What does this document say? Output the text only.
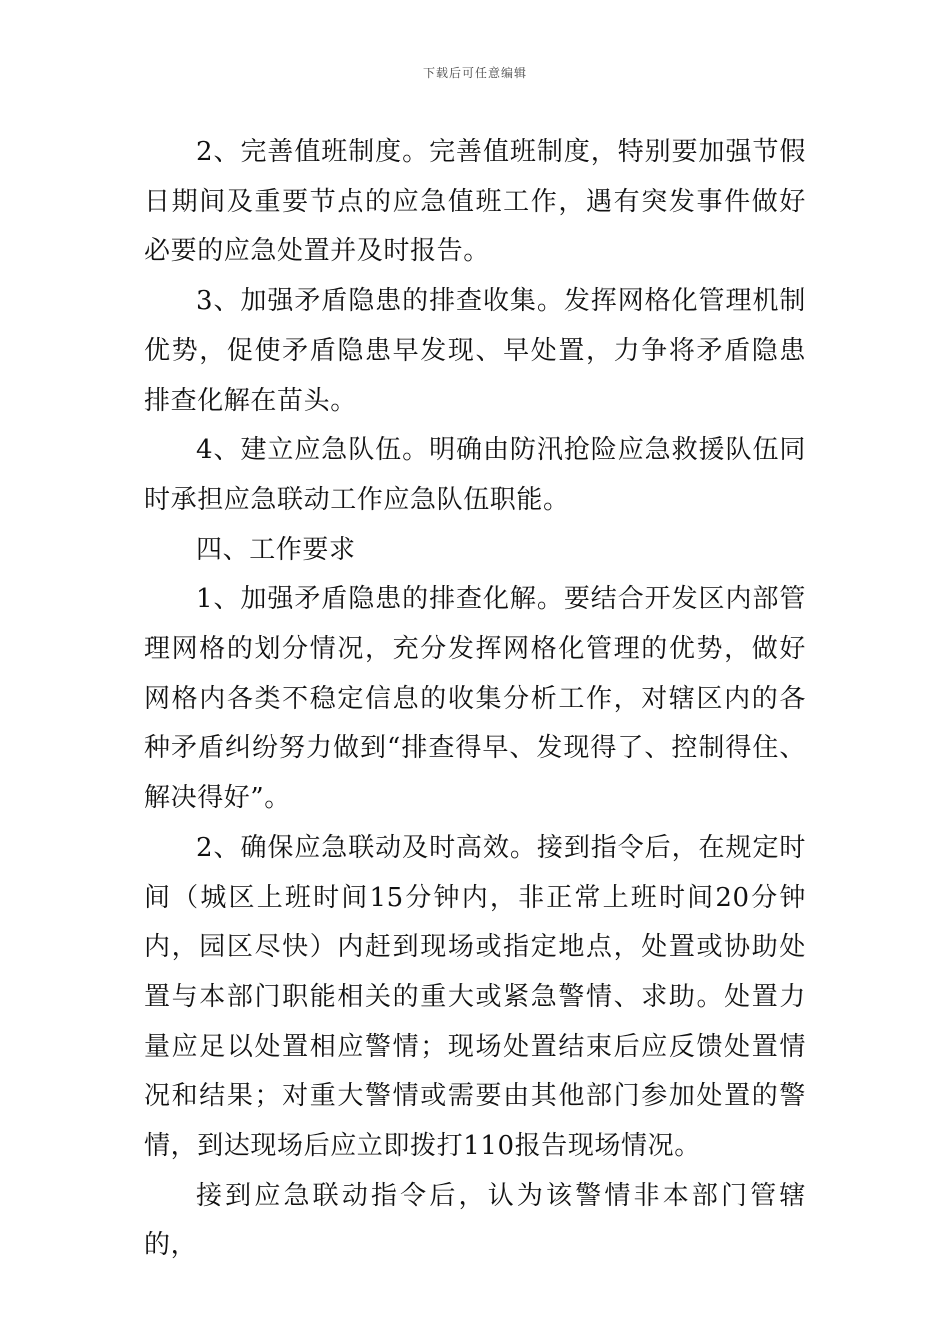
下载后可任意编辑

2、完善值班制度。完善值班制度，特别要加强节假日期间及重要节点的应急值班工作，遇有突发事件做好必要的应急处置并及时报告。

3、加强矛盾隐患的排查收集。发挥网格化管理机制优势，促使矛盾隐患早发现、早处置，力争将矛盾隐患排查化解在苗头。

4、建立应急队伍。明确由防汛抢险应急救援队伍同时承担应急联动工作应急队伍职能。

四、工作要求

1、加强矛盾隐患的排查化解。要结合开发区内部管理网格的划分情况，充分发挥网格化管理的优势，做好网格内各类不稳定信息的收集分析工作，对辖区内的各种矛盾纠纷努力做到“排查得早、发现得了、控制得住、解决得好”。

2、确保应急联动及时高效。接到指令后，在规定时间（城区上班时间15分钟内，非正常上班时间20分钟内，园区尽快）内赶到现场或指定地点，处置或协助处置与本部门职能相关的重大或紧急警情、求助。处置力量应足以处置相应警情；现场处置结束后应反馈处置情况和结果；对重大警情或需要由其他部门参加处置的警情，到达现场后应立即拨打110报告现场情况。

接到应急联动指令后，认为该警情非本部门管辖的，
